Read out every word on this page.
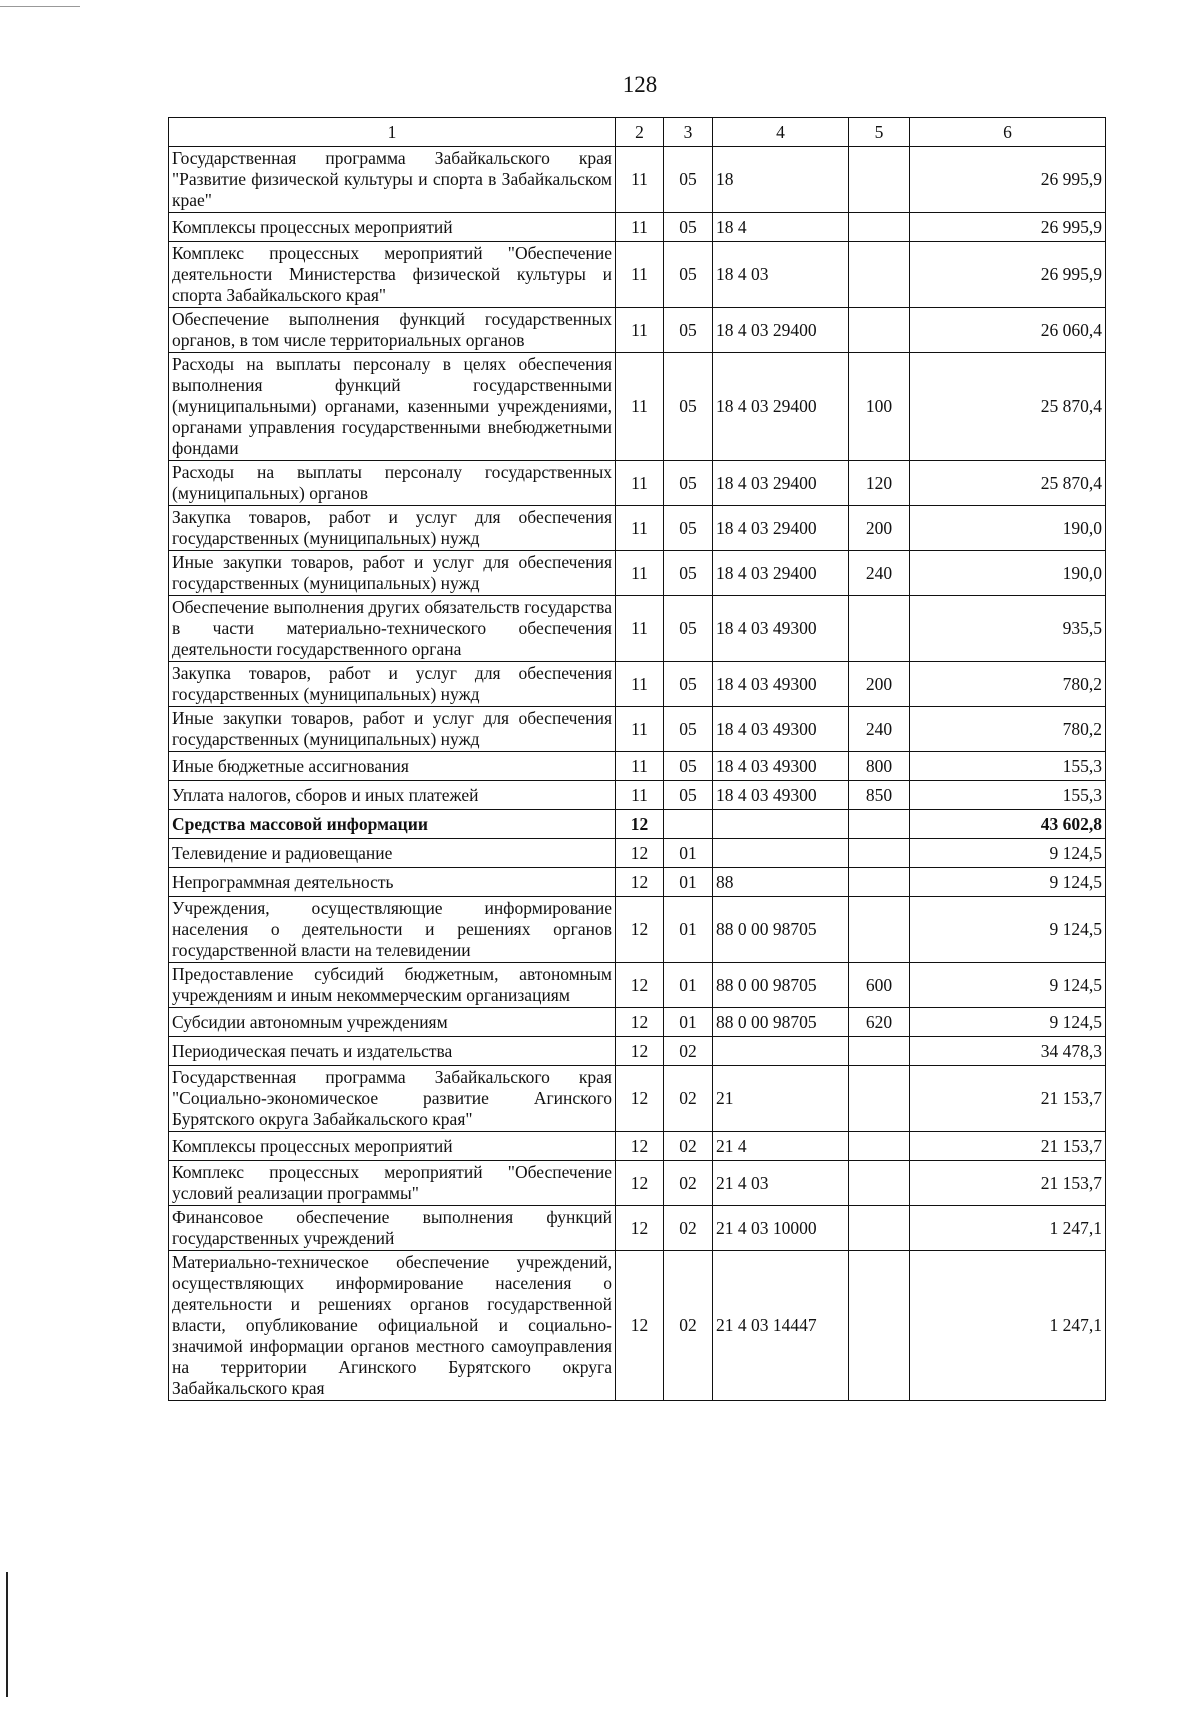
128
1	2	3	4	5	6
Государственная программа Забайкальского края "Развитие физической культуры и спорта в Забайкальском крае"	11	05	18		26 995,9
Комплексы процессных мероприятий	11	05	18 4		26 995,9
Комплекс процессных мероприятий "Обеспечение деятельности Министерства физической культуры и спорта Забайкальского края"	11	05	18 4 03		26 995,9
Обеспечение выполнения функций государственных органов, в том числе территориальных органов	11	05	18 4 03 29400		26 060,4
Расходы на выплаты персоналу в целях обеспечения выполнения функций государственными (муниципальными) органами, казенными учреждениями, органами управления государственными внебюджетными фондами	11	05	18 4 03 29400	100	25 870,4
Расходы на выплаты персоналу государственных (муниципальных) органов	11	05	18 4 03 29400	120	25 870,4
Закупка товаров, работ и услуг для обеспечения государственных (муниципальных) нужд	11	05	18 4 03 29400	200	190,0
Иные закупки товаров, работ и услуг для обеспечения государственных (муниципальных) нужд	11	05	18 4 03 29400	240	190,0
Обеспечение выполнения других обязательств государства в части материально-технического обеспечения деятельности государственного органа	11	05	18 4 03 49300		935,5
Закупка товаров, работ и услуг для обеспечения государственных (муниципальных) нужд	11	05	18 4 03 49300	200	780,2
Иные закупки товаров, работ и услуг для обеспечения государственных (муниципальных) нужд	11	05	18 4 03 49300	240	780,2
Иные бюджетные ассигнования	11	05	18 4 03 49300	800	155,3
Уплата налогов, сборов и иных платежей	11	05	18 4 03 49300	850	155,3
Средства массовой информации	12				43 602,8
Телевидение и радиовещание	12	01			9 124,5
Непрограммная деятельность	12	01	88		9 124,5
Учреждения, осуществляющие информирование населения о деятельности и решениях органов государственной власти на телевидении	12	01	88 0 00 98705		9 124,5
Предоставление субсидий бюджетным, автономным учреждениям и иным некоммерческим организациям	12	01	88 0 00 98705	600	9 124,5
Субсидии автономным учреждениям	12	01	88 0 00 98705	620	9 124,5
Периодическая печать и издательства	12	02			34 478,3
Государственная программа Забайкальского края "Социально-экономическое развитие Агинского Бурятского округа Забайкальского края"	12	02	21		21 153,7
Комплексы процессных мероприятий	12	02	21 4		21 153,7
Комплекс процессных мероприятий "Обеспечение условий реализации программы"	12	02	21 4 03		21 153,7
Финансовое обеспечение выполнения функций государственных учреждений	12	02	21 4 03 10000		1 247,1
Материально-техническое обеспечение учреждений, осуществляющих информирование населения о деятельности и решениях органов государственной власти, опубликование официальной и социально-значимой информации органов местного самоуправления на территории Агинского Бурятского округа Забайкальского края	12	02	21 4 03 14447		1 247,1
